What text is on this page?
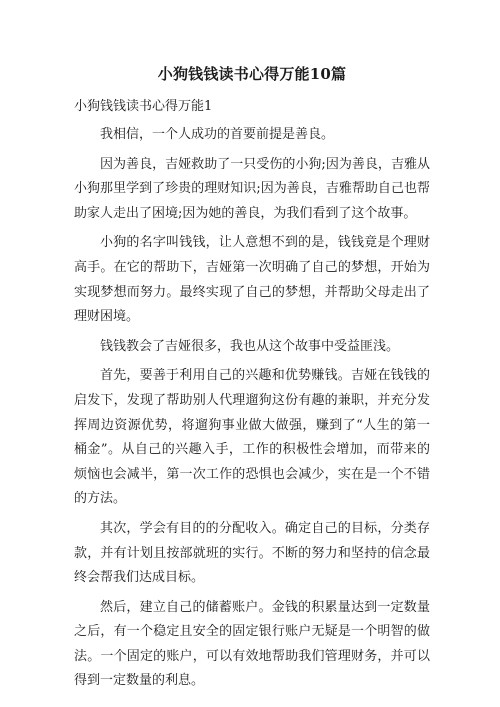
小狗钱钱读书心得万能10篇

小狗钱钱读书心得万能1

我相信，一个人成功的首要前提是善良。

因为善良，吉娅救助了一只受伤的小狗;因为善良，吉雅从小狗那里学到了珍贵的理财知识;因为善良，吉雅帮助自己也帮助家人走出了困境;因为她的善良，为我们看到了这个故事。

小狗的名字叫钱钱，让人意想不到的是，钱钱竟是个理财高手。在它的帮助下，吉娅第一次明确了自己的梦想，开始为实现梦想而努力。最终实现了自己的梦想，并帮助父母走出了理财困境。

钱钱教会了吉娅很多，我也从这个故事中受益匪浅。

首先，要善于利用自己的兴趣和优势赚钱。吉娅在钱钱的启发下，发现了帮助别人代理遛狗这份有趣的兼职，并充分发挥周边资源优势，将遛狗事业做大做强，赚到了“人生的第一桶金”。从自己的兴趣入手，工作的积极性会增加，而带来的烦恼也会减半，第一次工作的恐惧也会减少，实在是一个不错的方法。

其次，学会有目的的分配收入。确定自己的目标，分类存款，并有计划且按部就班的实行。不断的努力和坚持的信念最终会帮我们达成目标。

然后，建立自己的储蓄账户。金钱的积累量达到一定数量之后，有一个稳定且安全的固定银行账户无疑是一个明智的做法。一个固定的账户，可以有效地帮助我们管理财务，并可以得到一定数量的利息。
